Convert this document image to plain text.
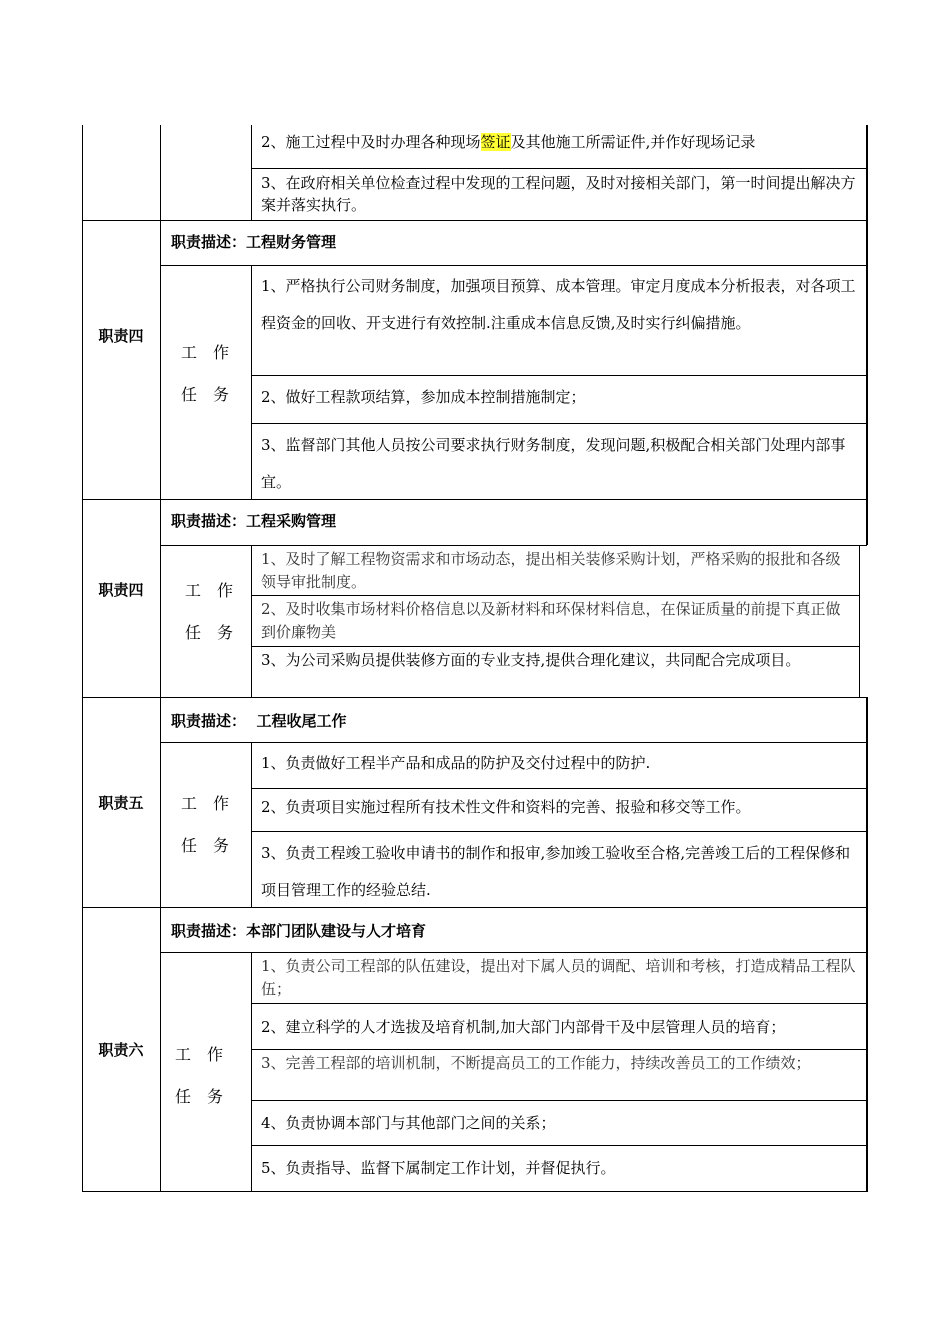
2、施工过程中及时办理各种现场签证及其他施工所需证件,并作好现场记录
3、在政府相关单位检查过程中发现的工程问题，及时对接相关部门，第一时间提出解决方案并落实执行。
职责四
职责描述：工程财务管理
工　作
任　务
1、严格执行公司财务制度，加强项目预算、成本管理。审定月度成本分析报表，对各项工程资金的回收、开支进行有效控制.注重成本信息反馈,及时实行纠偏措施。
2、做好工程款项结算，参加成本控制措施制定；
3、监督部门其他人员按公司要求执行财务制度，发现问题,积极配合相关部门处理内部事宜。
职责四
职责描述：工程采购管理
工　作
任　务
1、及时了解工程物资需求和市场动态，提出相关装修采购计划，严格采购的报批和各级领导审批制度。
2、及时收集市场材料价格信息以及新材料和环保材料信息，在保证质量的前提下真正做到价廉物美
3、为公司采购员提供装修方面的专业支持,提供合理化建议，共同配合完成项目。
职责五
职责描述：  工程收尾工作
工　作
任　务
1、负责做好工程半产品和成品的防护及交付过程中的防护.
2、负责项目实施过程所有技术性文件和资料的完善、报验和移交等工作。
3、负责工程竣工验收申请书的制作和报审,参加竣工验收至合格,完善竣工后的工程保修和项目管理工作的经验总结.
职责六
职责描述：本部门团队建设与人才培育
工　作
任　务
1、负责公司工程部的队伍建设，提出对下属人员的调配、培训和考核，打造成精品工程队伍；
2、建立科学的人才选拔及培育机制,加大部门内部骨干及中层管理人员的培育；
3、完善工程部的培训机制，不断提高员工的工作能力，持续改善员工的工作绩效；
4、负责协调本部门与其他部门之间的关系；
5、负责指导、监督下属制定工作计划，并督促执行。
